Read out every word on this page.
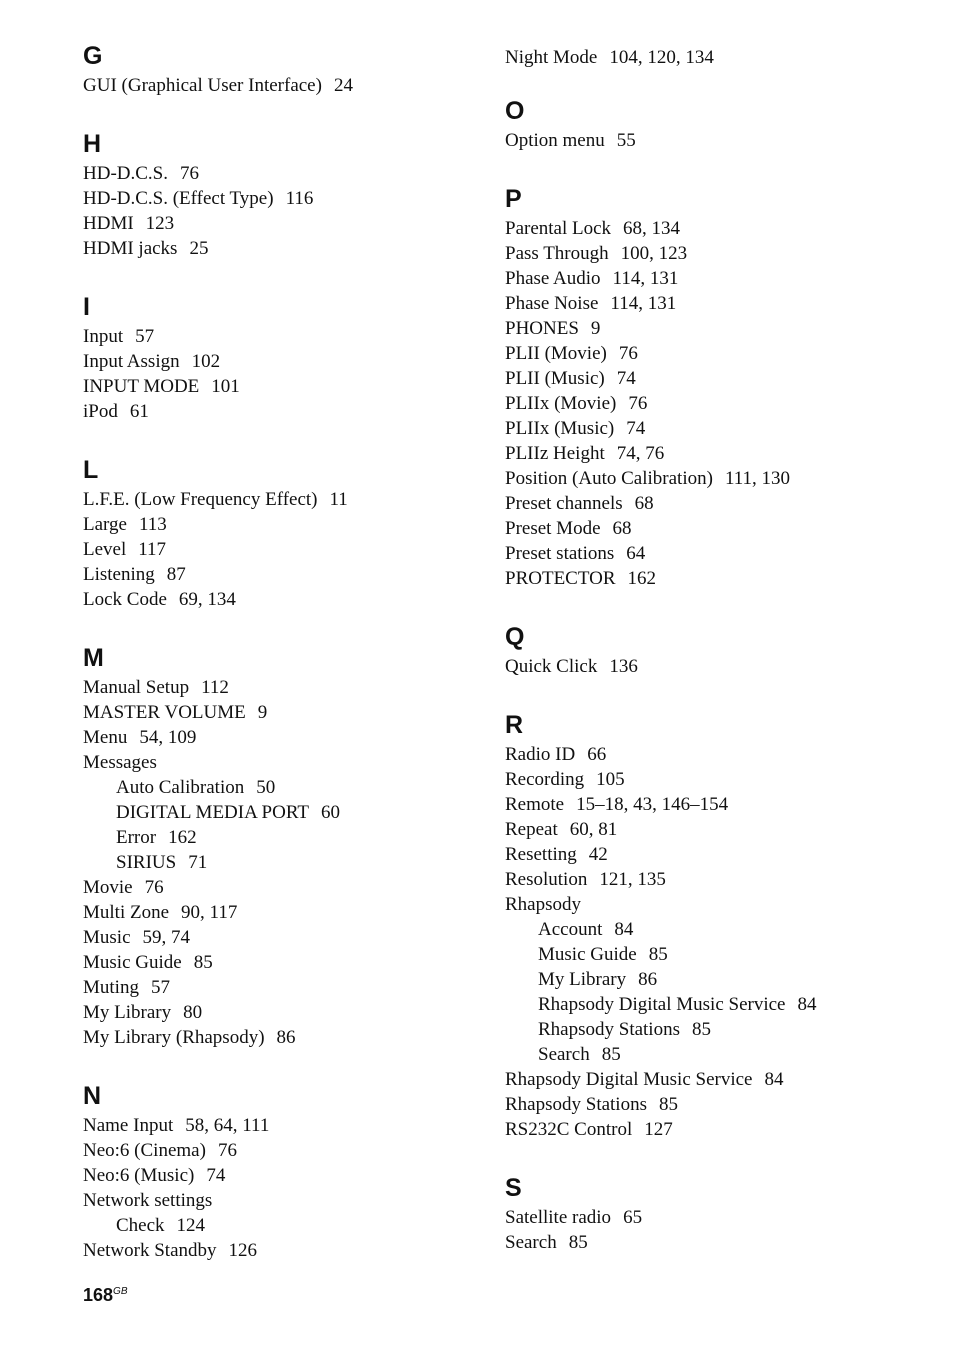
G
GUI (Graphical User Interface) 24
H
HD-D.C.S. 76
HD-D.C.S. (Effect Type) 116
HDMI 123
HDMI jacks 25
I
Input 57
Input Assign 102
INPUT MODE 101
iPod 61
L
L.F.E. (Low Frequency Effect) 11
Large 113
Level 117
Listening 87
Lock Code 69, 134
M
Manual Setup 112
MASTER VOLUME 9
Menu 54, 109
Messages
Auto Calibration 50
DIGITAL MEDIA PORT 60
Error 162
SIRIUS 71
Movie 76
Multi Zone 90, 117
Music 59, 74
Music Guide 85
Muting 57
My Library 80
My Library (Rhapsody) 86
N
Name Input 58, 64, 111
Neo:6 (Cinema) 76
Neo:6 (Music) 74
Network settings
Check 124
Network Standby 126
Night Mode 104, 120, 134
O
Option menu 55
P
Parental Lock 68, 134
Pass Through 100, 123
Phase Audio 114, 131
Phase Noise 114, 131
PHONES 9
PLII (Movie) 76
PLII (Music) 74
PLIIx (Movie) 76
PLIIx (Music) 74
PLIIz Height 74, 76
Position (Auto Calibration) 111, 130
Preset channels 68
Preset Mode 68
Preset stations 64
PROTECTOR 162
Q
Quick Click 136
R
Radio ID 66
Recording 105
Remote 15–18, 43, 146–154
Repeat 60, 81
Resetting 42
Resolution 121, 135
Rhapsody
Account 84
Music Guide 85
My Library 86
Rhapsody Digital Music Service 84
Rhapsody Stations 85
Search 85
Rhapsody Digital Music Service 84
Rhapsody Stations 85
RS232C Control 127
S
Satellite radio 65
Search 85
$168^{GB}$
